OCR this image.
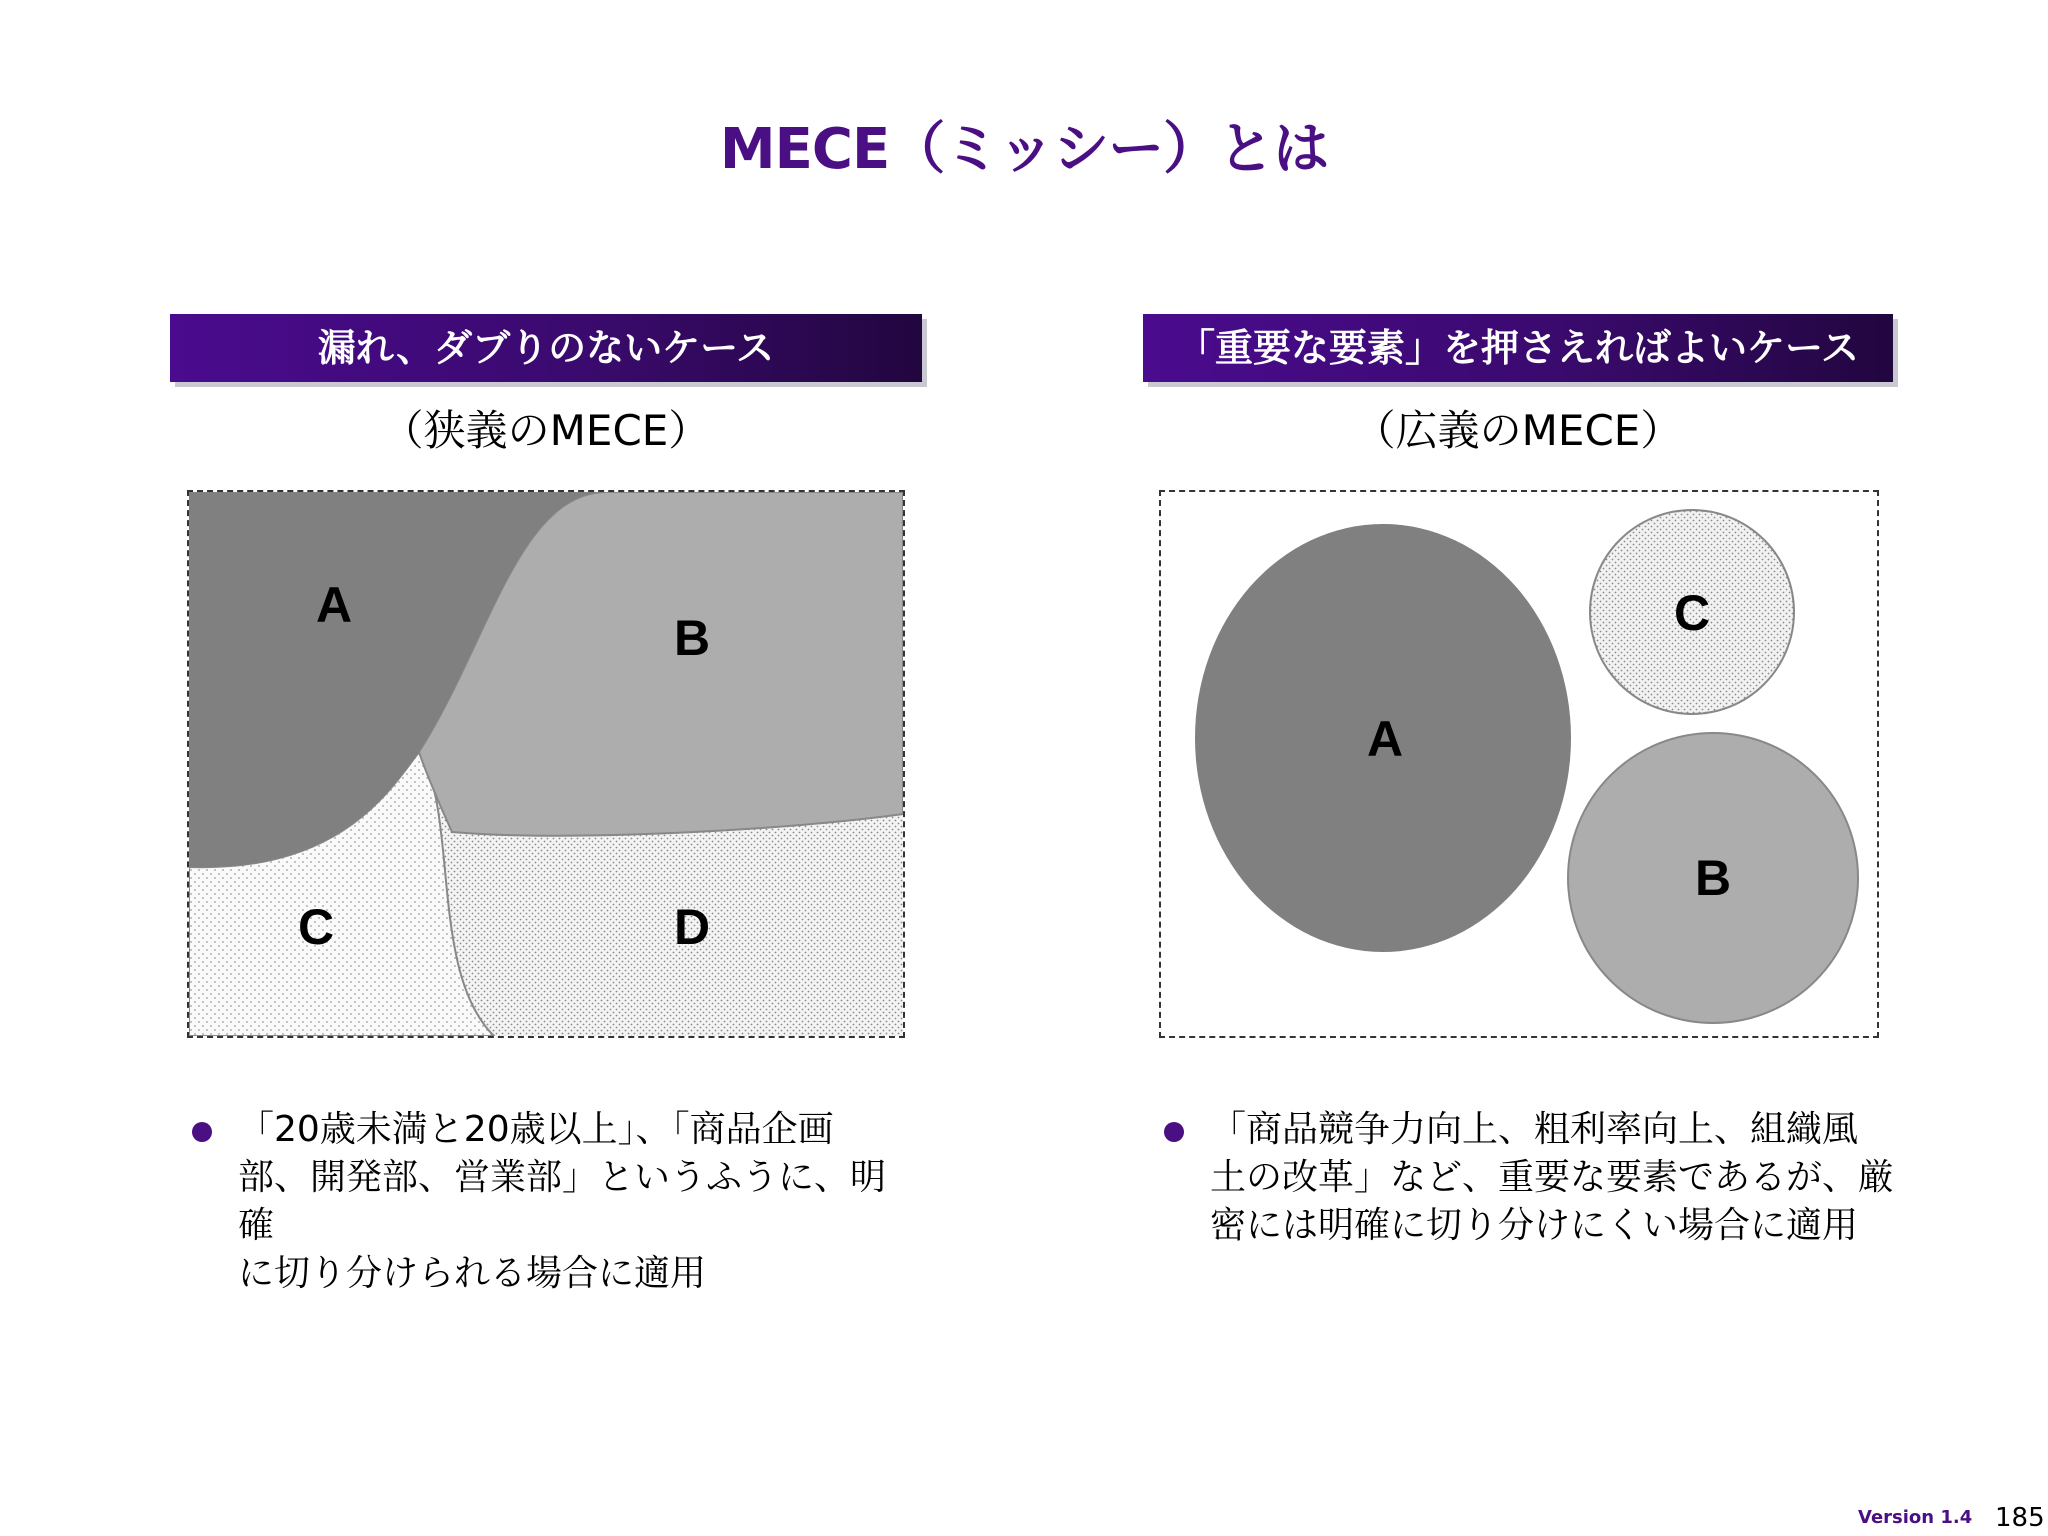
MECE（ミッシー）とは
漏れ、ダブりのないケース
（狭義のMECE）
A
B
C	D
「20歳未満と20歳以上」、「商品企画
部、開発部、営業部」というふうに、明確
に切り分けられる場合に適用
「重要な要素」を押さえればよいケース
（広義のMECE）
A
C
B
「商品競争力向上、粗利率向上、組織風
土の改革」など、重要な要素であるが、厳
密には明確に切り分けにくい場合に適用
Version 1.4 185
